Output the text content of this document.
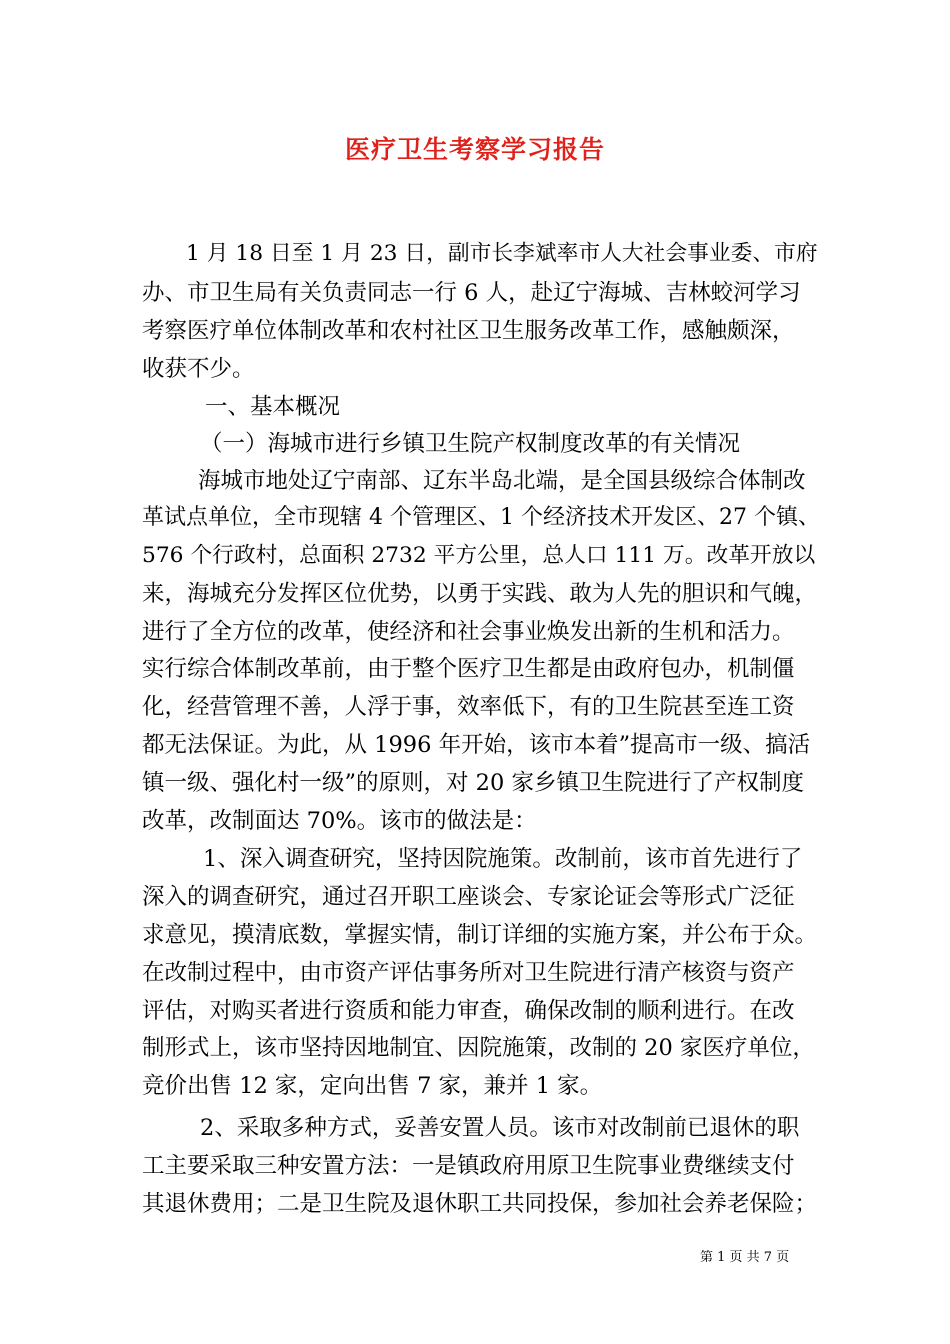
医疗卫生考察学习报告
1 月 18 日至 1 月 23 日，副市长李斌率市人大社会事业委、市府
办、市卫生局有关负责同志一行 6 人，赴辽宁海城、吉林蛟河学习
考察医疗单位体制改革和农村社区卫生服务改革工作，感触颇深，
收获不少。
一、基本概况
（一）海城市进行乡镇卫生院产权制度改革的有关情况
海城市地处辽宁南部、辽东半岛北端，是全国县级综合体制改
革试点单位，全市现辖 4 个管理区、1 个经济技术开发区、27 个镇、
576 个行政村，总面积 2732 平方公里，总人口 111 万。改革开放以
来，海城充分发挥区位优势，以勇于实践、敢为人先的胆识和气魄，
进行了全方位的改革，使经济和社会事业焕发出新的生机和活力。
实行综合体制改革前，由于整个医疗卫生都是由政府包办，机制僵
化，经营管理不善，人浮于事，效率低下，有的卫生院甚至连工资
都无法保证。为此，从 1996 年开始，该市本着”提高市一级、搞活
镇一级、强化村一级”的原则，对 20 家乡镇卫生院进行了产权制度
改革，改制面达 70%。该市的做法是：
1、深入调查研究，坚持因院施策。改制前，该市首先进行了
深入的调查研究，通过召开职工座谈会、专家论证会等形式广泛征
求意见，摸清底数，掌握实情，制订详细的实施方案，并公布于众。
在改制过程中，由市资产评估事务所对卫生院进行清产核资与资产
评估，对购买者进行资质和能力审查，确保改制的顺利进行。在改
制形式上，该市坚持因地制宜、因院施策，改制的 20 家医疗单位，
竞价出售 12 家，定向出售 7 家，兼并 1 家。
2、采取多种方式，妥善安置人员。该市对改制前已退休的职
工主要采取三种安置方法：一是镇政府用原卫生院事业费继续支付
其退休费用；二是卫生院及退休职工共同投保，参加社会养老保险；
第 1 页 共 7 页
